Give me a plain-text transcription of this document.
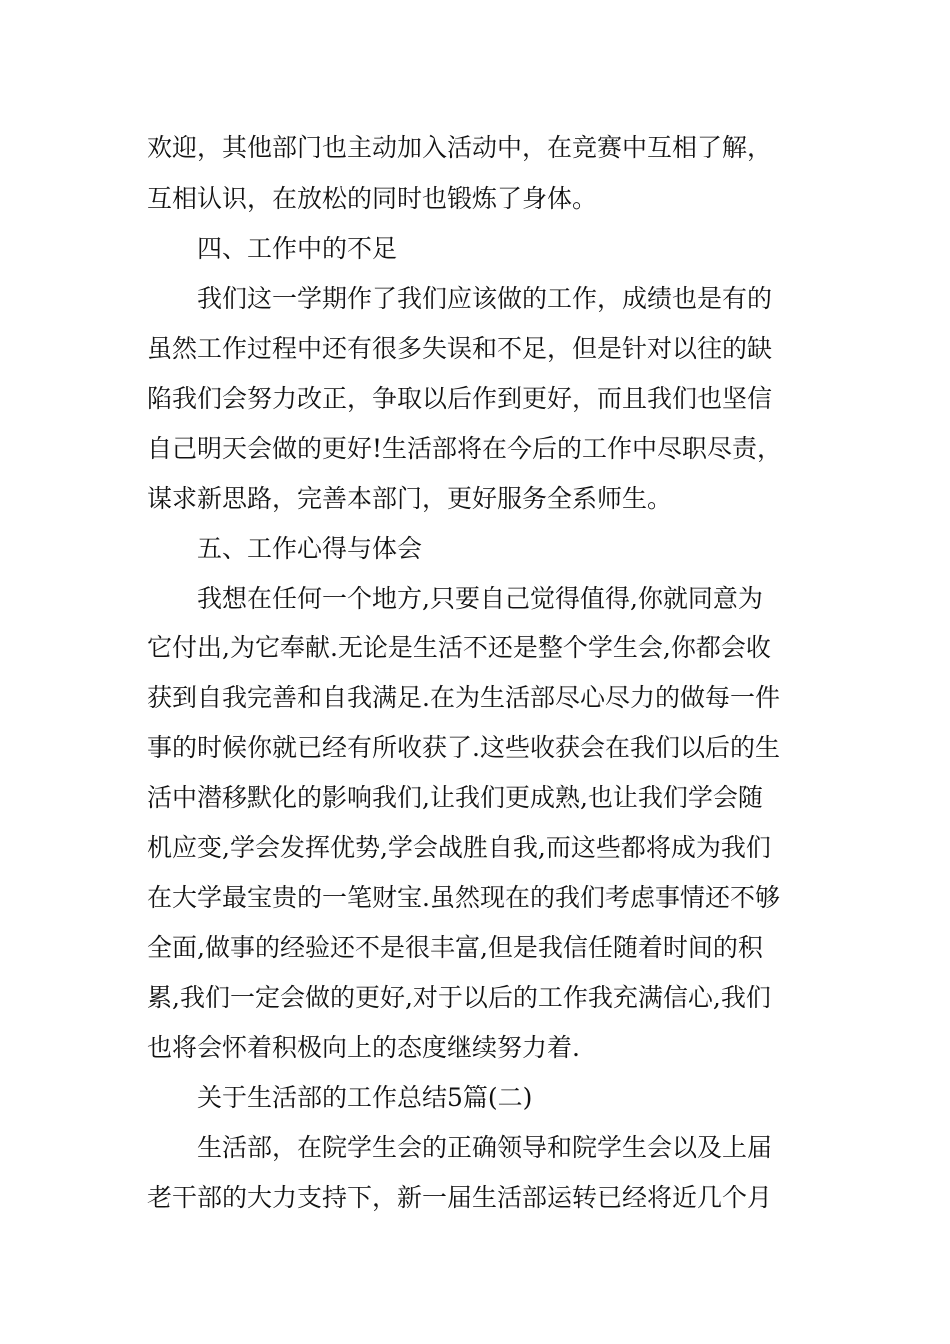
欢迎，其他部门也主动加入活动中，在竞赛中互相了解，
互相认识，在放松的同时也锻炼了身体。
四、工作中的不足
我们这一学期作了我们应该做的工作，成绩也是有的
虽然工作过程中还有很多失误和不足，但是针对以往的缺
陷我们会努力改正，争取以后作到更好，而且我们也坚信
自己明天会做的更好!生活部将在今后的工作中尽职尽责，
谋求新思路，完善本部门，更好服务全系师生。
五、工作心得与体会
我想在任何一个地方,只要自己觉得值得,你就同意为
它付出,为它奉献.无论是生活不还是整个学生会,你都会收
获到自我完善和自我满足.在为生活部尽心尽力的做每一件
事的时候你就已经有所收获了.这些收获会在我们以后的生
活中潜移默化的影响我们,让我们更成熟,也让我们学会随
机应变,学会发挥优势,学会战胜自我,而这些都将成为我们
在大学最宝贵的一笔财宝.虽然现在的我们考虑事情还不够
全面,做事的经验还不是很丰富,但是我信任随着时间的积
累,我们一定会做的更好,对于以后的工作我充满信心,我们
也将会怀着积极向上的态度继续努力着.
关于生活部的工作总结5篇(二)
生活部，在院学生会的正确领导和院学生会以及上届
老干部的大力支持下，新一届生活部运转已经将近几个月
